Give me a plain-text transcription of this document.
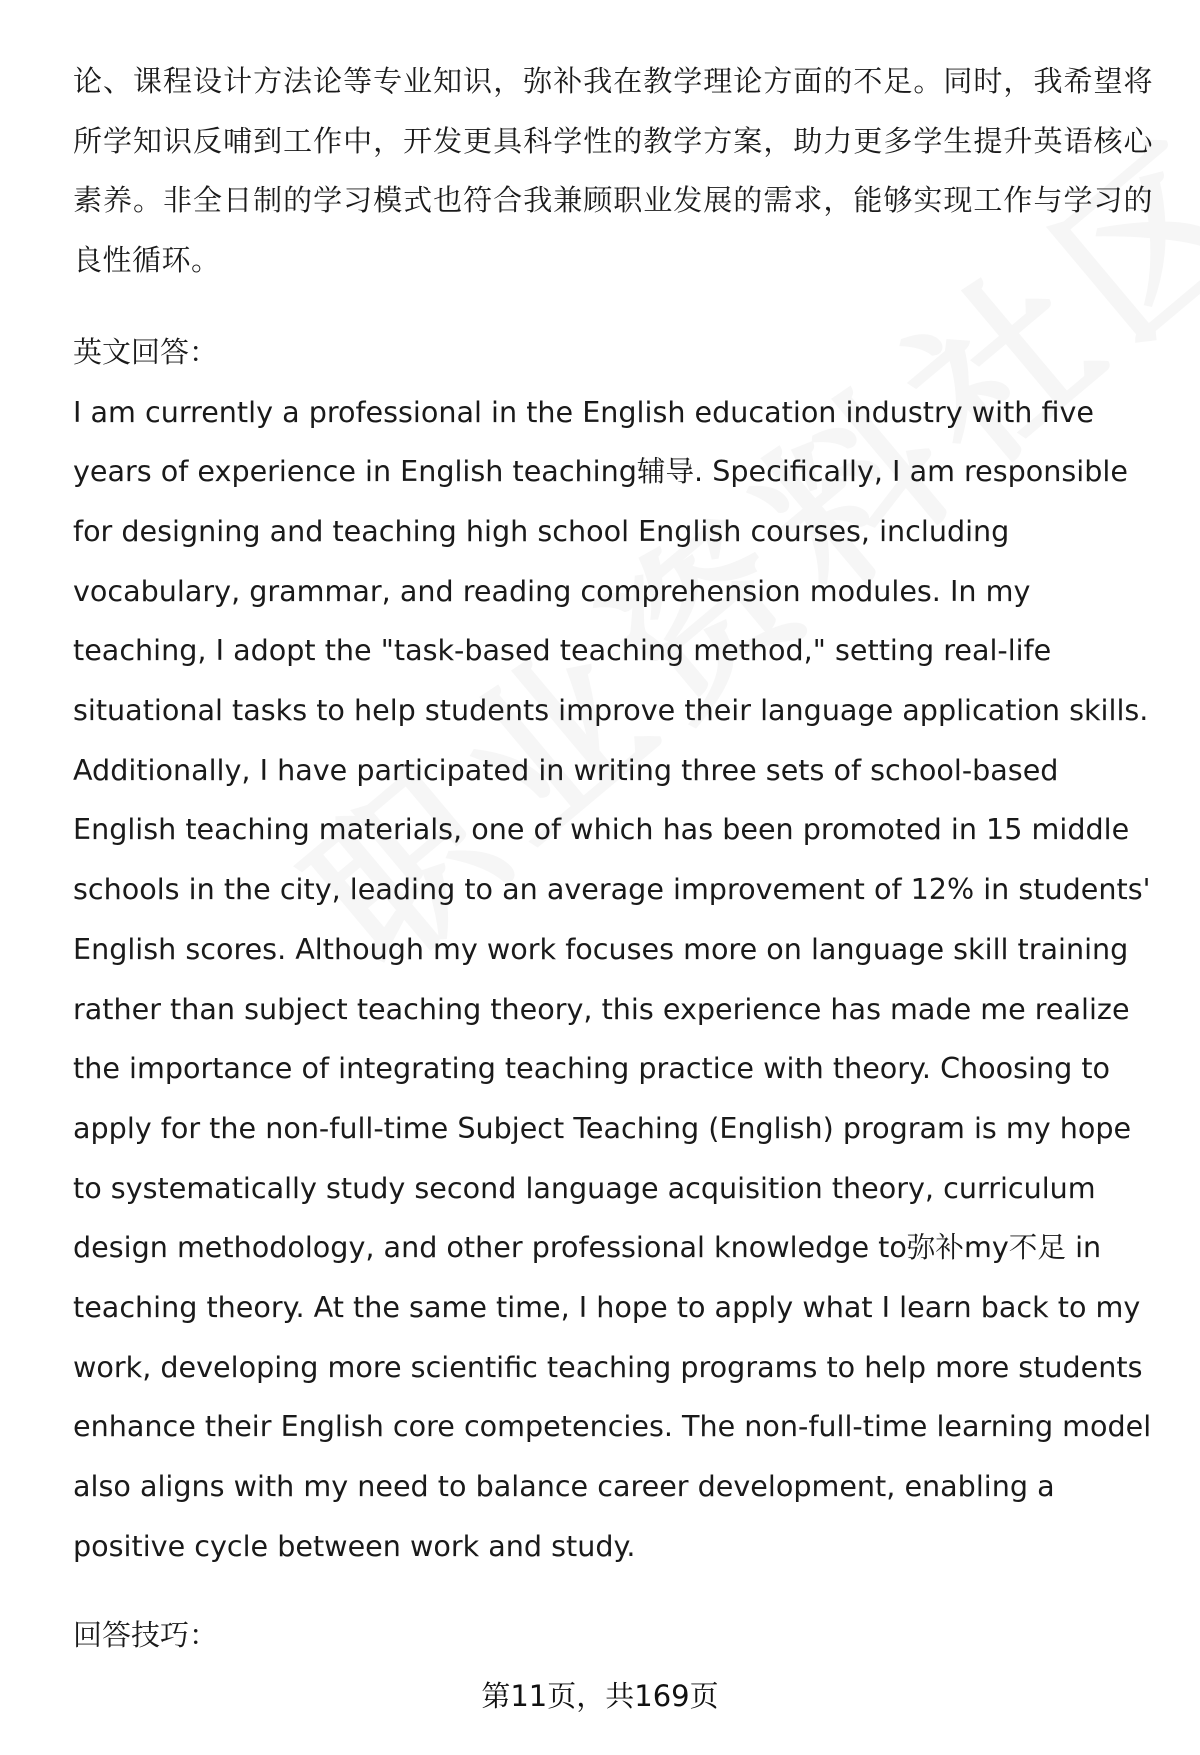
论、课程设计方法论等专业知识，弥补我在教学理论方面的不足。同时，我希望将所学知识反哺到工作中，开发更具科学性的教学方案，助力更多学生提升英语核心素养。非全日制的学习模式也符合我兼顾职业发展的需求，能够实现工作与学习的良性循环。

英文回答：

I am currently a professional in the English education industry with five years of experience in English teaching辅导. Specifically, I am responsible for designing and teaching high school English courses, including vocabulary, grammar, and reading comprehension modules. In my teaching, I adopt the "task-based teaching method," setting real-life situational tasks to help students improve their language application skills. Additionally, I have participated in writing three sets of school-based English teaching materials, one of which has been promoted in 15 middle schools in the city, leading to an average improvement of 12% in students' English scores. Although my work focuses more on language skill training rather than subject teaching theory, this experience has made me realize the importance of integrating teaching practice with theory. Choosing to apply for the non-full-time Subject Teaching (English) program is my hope to systematically study second language acquisition theory, curriculum design methodology, and other professional knowledge to弥补my不足 in teaching theory. At the same time, I hope to apply what I learn back to my work, developing more scientific teaching programs to help more students enhance their English core competencies. The non-full-time learning model also aligns with my need to balance career development, enabling a positive cycle between work and study.

回答技巧：

第11页，共169页
